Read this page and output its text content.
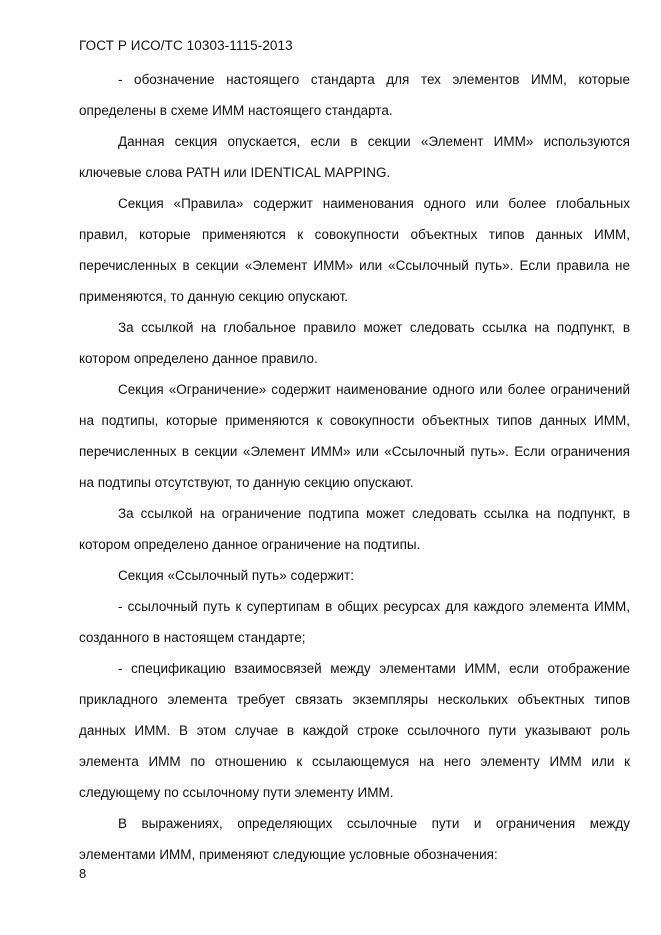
ГОСТ Р ИСО/ТС 10303-1115-2013

- обозначение настоящего стандарта для тех элементов ИММ, которые определены в схеме ИММ настоящего стандарта.

Данная секция опускается, если в секции «Элемент ИММ» используются ключевые слова PATH или IDENTICAL MAPPING.

Секция «Правила» содержит наименования одного или более глобальных правил, которые применяются к совокупности объектных типов данных ИММ, перечисленных в секции «Элемент ИММ» или «Ссылочный путь». Если правила не применяются, то данную секцию опускают.

За ссылкой на глобальное правило может следовать ссылка на подпункт, в котором определено данное правило.

Секция «Ограничение» содержит наименование одного или более ограничений на подтипы, которые применяются к совокупности объектных типов данных ИММ, перечисленных в секции «Элемент ИММ» или «Ссылочный путь». Если ограничения на подтипы отсутствуют, то данную секцию опускают.

За ссылкой на ограничение подтипа может следовать ссылка на подпункт, в котором определено данное ограничение на подтипы.

Секция «Ссылочный путь» содержит:

- ссылочный путь к супертипам в общих ресурсах для каждого элемента ИММ, созданного в настоящем стандарте;

- спецификацию взаимосвязей между элементами ИММ, если отображение прикладного элемента требует связать экземпляры нескольких объектных типов данных ИММ. В этом случае в каждой строке ссылочного пути указывают роль элемента ИММ по отношению к ссылающемуся на него элементу ИММ или к следующему по ссылочному пути элементу ИММ.

В выражениях, определяющих ссылочные пути и ограничения между элементами ИММ, применяют следующие условные обозначения:

8
